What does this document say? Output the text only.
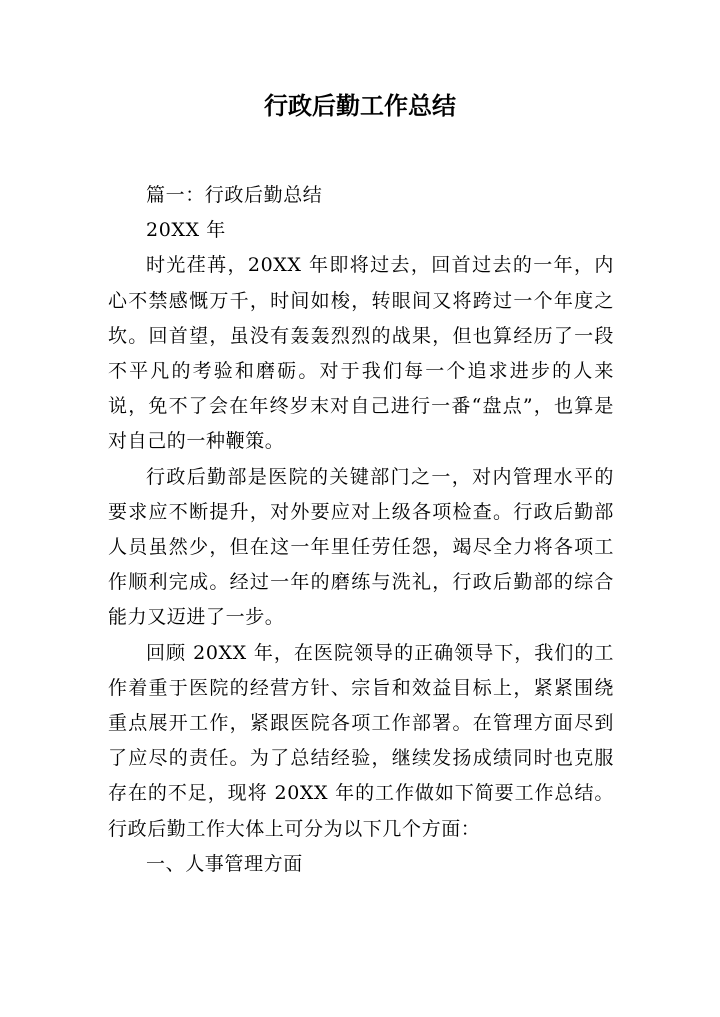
行政后勤工作总结

篇一：行政后勤总结

20XX 年

时光荏苒，20XX 年即将过去，回首过去的一年，内心不禁感慨万千，时间如梭，转眼间又将跨过一个年度之坎。回首望，虽没有轰轰烈烈的战果，但也算经历了一段不平凡的考验和磨砺。对于我们每一个追求进步的人来说，免不了会在年终岁末对自己进行一番“盘点”，也算是对自己的一种鞭策。

行政后勤部是医院的关键部门之一，对内管理水平的要求应不断提升，对外要应对上级各项检查。行政后勤部人员虽然少，但在这一年里任劳任怨，竭尽全力将各项工作顺利完成。经过一年的磨练与洗礼，行政后勤部的综合能力又迈进了一步。

回顾 20XX 年，在医院领导的正确领导下，我们的工作着重于医院的经营方针、宗旨和效益目标上，紧紧围绕重点展开工作，紧跟医院各项工作部署。在管理方面尽到了应尽的责任。为了总结经验，继续发扬成绩同时也克服存在的不足，现将 20XX 年的工作做如下简要工作总结。 行政后勤工作大体上可分为以下几个方面：

一、人事管理方面
